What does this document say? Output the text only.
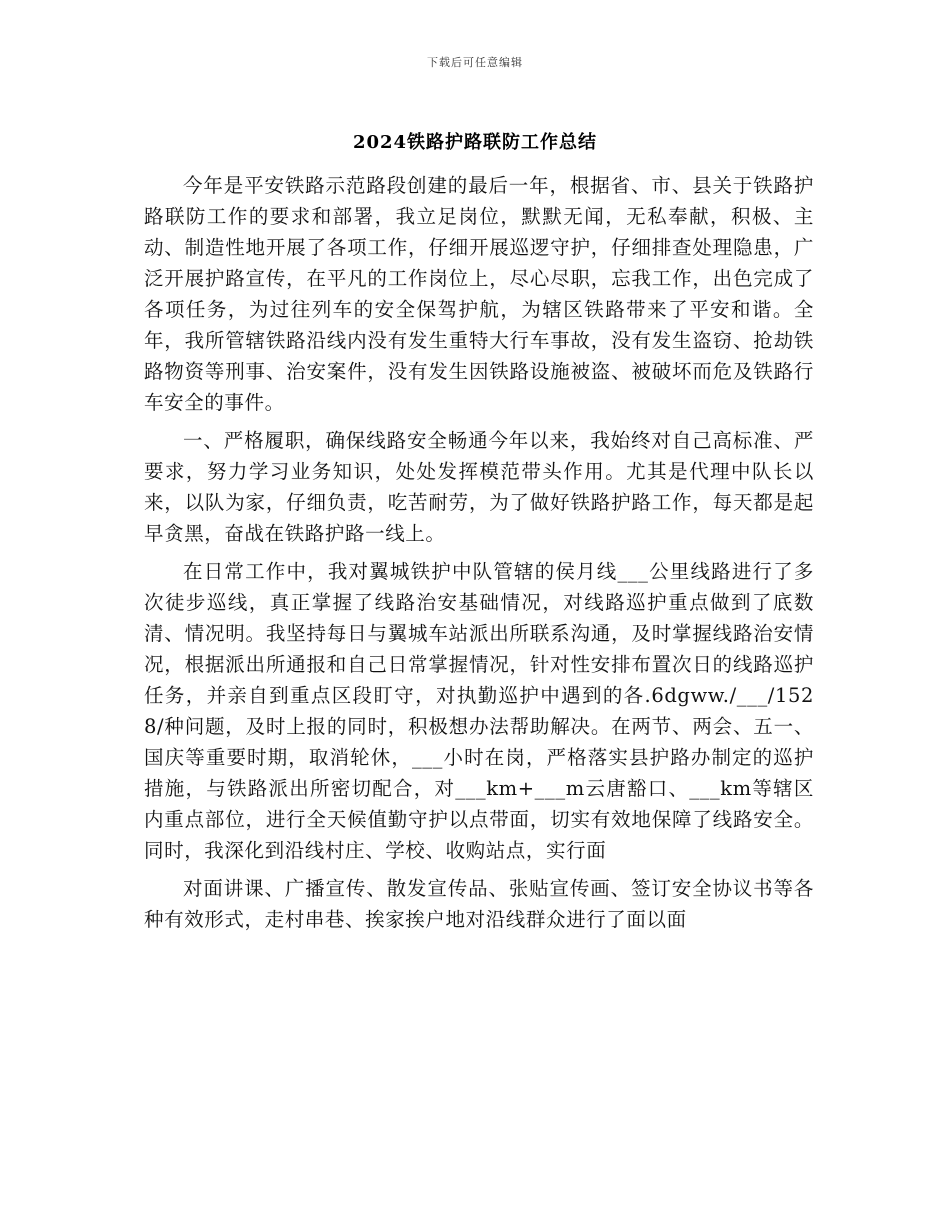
下载后可任意编辑
2024铁路护路联防工作总结

今年是平安铁路示范路段创建的最后一年，根据省、市、县关于铁路护路联防工作的要求和部署，我立足岗位，默默无闻，无私奉献，积极、主动、制造性地开展了各项工作，仔细开展巡逻守护，仔细排查处理隐患，广泛开展护路宣传，在平凡的工作岗位上，尽心尽职，忘我工作，出色完成了各项任务，为过往列车的安全保驾护航，为辖区铁路带来了平安和谐。全年，我所管辖铁路沿线内没有发生重特大行车事故，没有发生盗窃、抢劫铁路物资等刑事、治安案件，没有发生因铁路设施被盗、被破坏而危及铁路行车安全的事件。

一、严格履职，确保线路安全畅通今年以来，我始终对自己高标准、严要求，努力学习业务知识，处处发挥模范带头作用。尤其是代理中队长以来，以队为家，仔细负责，吃苦耐劳，为了做好铁路护路工作，每天都是起早贪黑，奋战在铁路护路一线上。

在日常工作中，我对翼城铁护中队管辖的侯月线___公里线路进行了多次徒步巡线，真正掌握了线路治安基础情况，对线路巡护重点做到了底数清、情况明。我坚持每日与翼城车站派出所联系沟通，及时掌握线路治安情况，根据派出所通报和自己日常掌握情况，针对性安排布置次日的线路巡护任务，并亲自到重点区段盯守，对执勤巡护中遇到的各.6dgww./___/1528/种问题，及时上报的同时，积极想办法帮助解决。在两节、两会、五一、国庆等重要时期，取消轮休，___小时在岗，严格落实县护路办制定的巡护措施，与铁路派出所密切配合，对___km+___m云唐豁口、___km等辖区内重点部位，进行全天候值勤守护以点带面，切实有效地保障了线路安全。同时，我深化到沿线村庄、学校、收购站点，实行面

对面讲课、广播宣传、散发宣传品、张贴宣传画、签订安全协议书等各种有效形式，走村串巷、挨家挨户地对沿线群众进行了面以面
